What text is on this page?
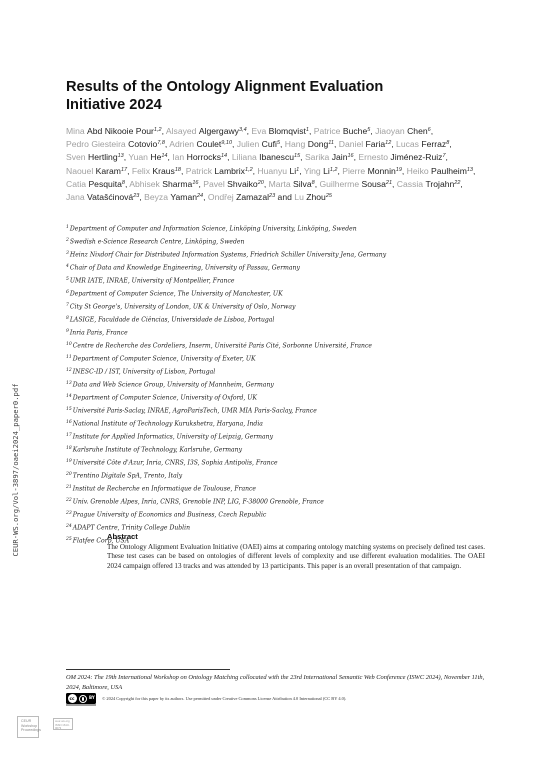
CEUR-WS.org/Vol-3897/oaei2024_paper0.pdf
Results of the Ontology Alignment Evaluation
Initiative 2024
Mina Abd Nikooie Pour$^{1,2}$, Alsayed Algergawy$^{3,4}$, Eva Blomqvist$^1$, Patrice Buche$^5$, Jiaoyan Chen$^6$, Pedro Giesteira Cotovio$^{7,8}$, Adrien Coulet$^{9,10}$, Julien Cufi$^5$, Hang Dong$^{11}$, Daniel Faria$^{12}$, Lucas Ferraz$^8$, Sven Hertling$^{13}$, Yuan He$^{14}$, Ian Horrocks$^{14}$, Liliana Ibanescu$^{15}$, Sarika Jain$^{16}$, Ernesto Jiménez-Ruiz$^7$, Naouel Karam$^{17}$, Felix Kraus$^{18}$, Patrick Lambrix$^{1,2}$, Huanyu Li$^1$, Ying Li$^{1,2}$, Pierre Monnin$^{19}$, Heiko Paulheim$^{13}$, Catia Pesquita$^8$, Abhisek Sharma$^{16}$, Pavel Shvaiko$^{20}$, Marta Silva$^8$, Guilherme Sousa$^{21}$, Cassia Trojahn$^{22}$, Jana Vatašćinová$^{23}$, Beyza Yaman$^{24}$, Ondřej Zamazal$^{23}$ and Lu Zhou$^{25}$
$^1$Department of Computer and Information Science, Linköping University, Linköping, Sweden
$^2$Swedish e-Science Research Centre, Linköping, Sweden
$^3$Heinz Nixdorf Chair for Distributed Information Systems, Friedrich Schiller University Jena, Germany
$^4$Chair of Data and Knowledge Engineering, University of Passau, Germany
$^5$UMR IATE, INRAE, University of Montpellier, France
$^6$Department of Computer Science, The University of Manchester, UK
$^7$City St George's, University of London, UK & University of Oslo, Norway
$^8$LASIGE, Faculdade de Ciências, Universidade de Lisboa, Portugal
$^9$Inria Paris, France
$^{10}$Centre de Recherche des Cordeliers, Inserm, Université Paris Cité, Sorbonne Université, France
$^{11}$Department of Computer Science, University of Exeter, UK
$^{12}$INESC-ID / IST, University of Lisbon, Portugal
$^{13}$Data and Web Science Group, University of Mannheim, Germany
$^{14}$Department of Computer Science, University of Oxford, UK
$^{15}$Université Paris-Saclay, INRAE, AgroParisTech, UMR MIA Paris-Saclay, France
$^{16}$National Institute of Technology Kurukshetra, Haryana, India
$^{17}$Institute for Applied Informatics, University of Leipzig, Germany
$^{18}$Karlsruhe Institute of Technology, Karlsruhe, Germany
$^{19}$Université Côte d'Azur, Inria, CNRS, I3S, Sophia Antipolis, France
$^{20}$Trentino Digitale SpA, Trento, Italy
$^{21}$Institut de Recherche en Informatique de Toulouse, France
$^{22}$Univ. Grenoble Alpes, Inria, CNRS, Grenoble INP, LIG, F-38000 Grenoble, France
$^{23}$Prague University of Economics and Business, Czech Republic
$^{24}$ADAPT Centre, Trinity College Dublin
$^{25}$Flatfee Corp, USA
Abstract

The Ontology Alignment Evaluation Initiative (OAEI) aims at comparing ontology matching systems on precisely defined test cases. These test cases can be based on ontologies of different levels of complexity and use different evaluation modalities. The OAEI 2024 campaign offered 13 tracks and was attended by 13 participants. This paper is an overall presentation of that campaign.

OM 2024: The 19th International Workshop on Ontology Matching collocated with the 23rd International Semantic Web Conference (ISWC 2024), November 11th, 2024, Baltimore, USA
cc	BY © 2024 Copyright for this paper by its authors. Use permitted under Creative Commons License Attribution 4.0 International (CC BY 4.0).
CEUR
Workshop
Proceedings
ceur-ws.org
ISSN 1613-0073
